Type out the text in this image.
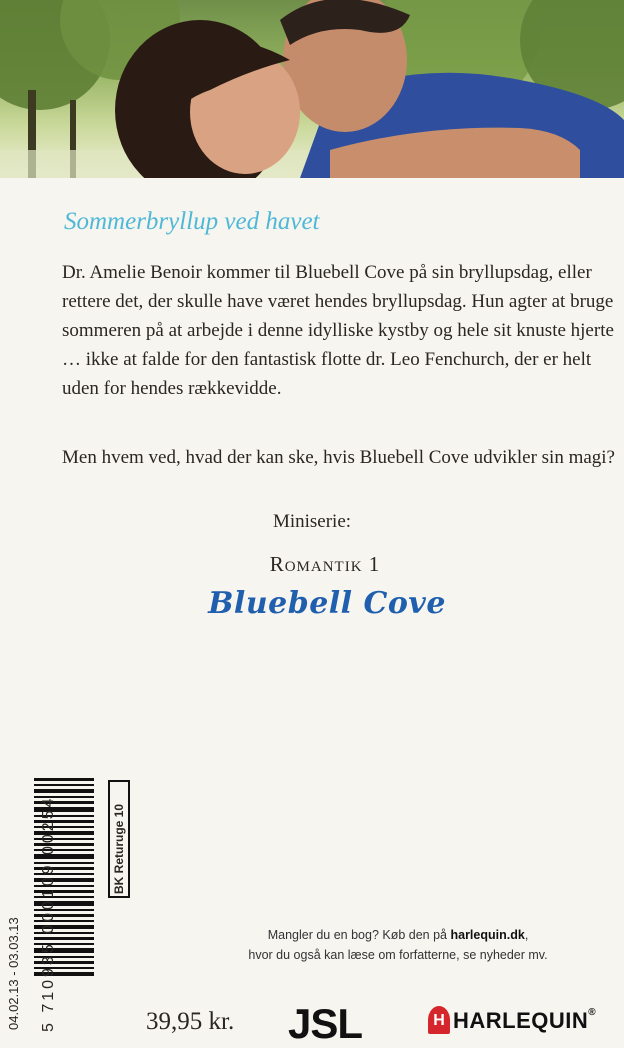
Sommerbryllup ved havet

Dr. Amelie Benoir kommer til Bluebell Cove på sin bryllupsdag, eller rettere det, der skulle have været hendes bryllupsdag. Hun agter at bruge sommeren på at arbejde i denne idylliske kystby og hele sit knuste hjerte … ikke at falde for den fantastisk flotte dr. Leo Fenchurch, der er helt uden for hendes rækkevidde.

Men hvem ved, hvad der kan ske, hvis Bluebell Cove udvikler sin magi?

Miniserie:
Romantik 1
Bluebell Cove
5 710935 000109 00254
04.02.13 - 03.03.13
BK Returuge 10
Mangler du en bog? Køb den på harlequin.dk,
hvor du også kan læse om forfatterne, se nyheder mv.
39,95 kr. JSL	H HARLEQUIN®
